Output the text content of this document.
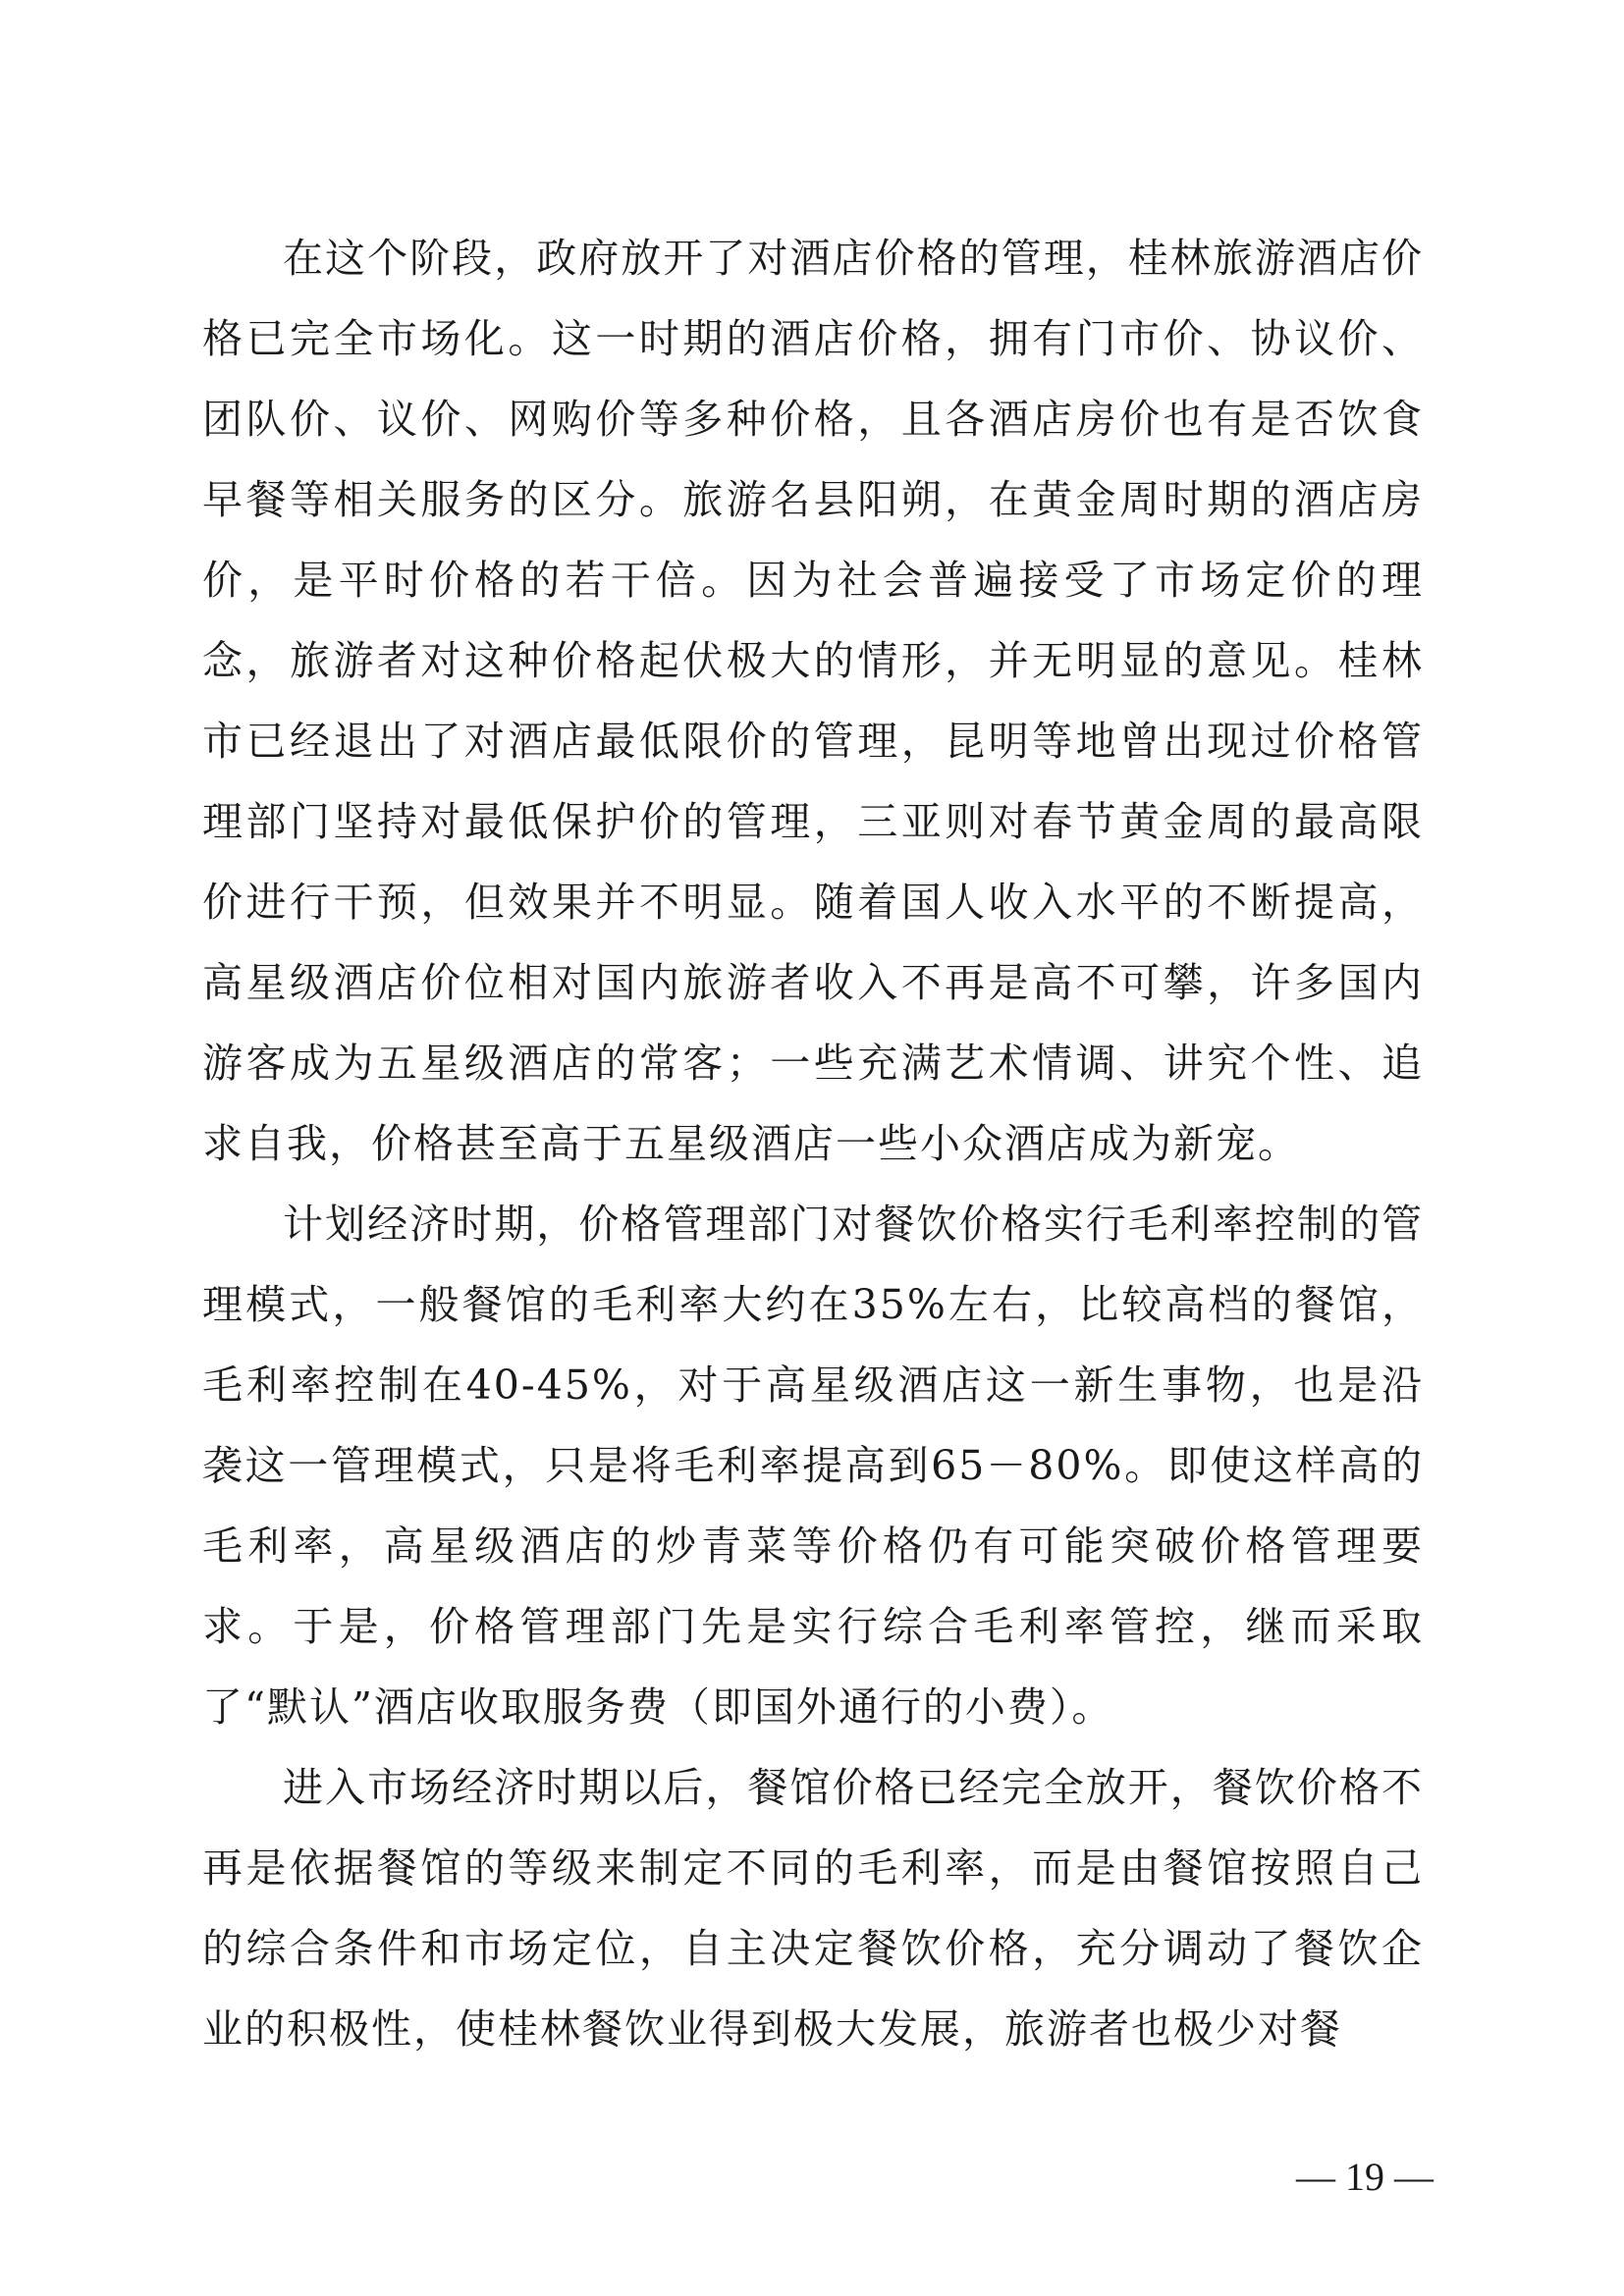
在这个阶段，政府放开了对酒店价格的管理，桂林旅游酒店价格已完全市场化。这一时期的酒店价格，拥有门市价、协议价、团队价、议价、网购价等多种价格，且各酒店房价也有是否饮食早餐等相关服务的区分。旅游名县阳朔，在黄金周时期的酒店房价，是平时价格的若干倍。因为社会普遍接受了市场定价的理念，旅游者对这种价格起伏极大的情形，并无明显的意见。桂林市已经退出了对酒店最低限价的管理，昆明等地曾出现过价格管理部门坚持对最低保护价的管理，三亚则对春节黄金周的最高限价进行干预，但效果并不明显。随着国人收入水平的不断提高，高星级酒店价位相对国内旅游者收入不再是高不可攀，许多国内游客成为五星级酒店的常客；一些充满艺术情调、讲究个性、追求自我，价格甚至高于五星级酒店一些小众酒店成为新宠。

计划经济时期，价格管理部门对餐饮价格实行毛利率控制的管理模式，一般餐馆的毛利率大约在35%左右，比较高档的餐馆，毛利率控制在40-45%，对于高星级酒店这一新生事物，也是沿袭这一管理模式，只是将毛利率提高到65－80%。即使这样高的毛利率，高星级酒店的炒青菜等价格仍有可能突破价格管理要求。于是，价格管理部门先是实行综合毛利率管控，继而采取了“默认”酒店收取服务费（即国外通行的小费）。

进入市场经济时期以后，餐馆价格已经完全放开，餐饮价格不再是依据餐馆的等级来制定不同的毛利率，而是由餐馆按照自己的综合条件和市场定位，自主决定餐饮价格，充分调动了餐饮企业的积极性，使桂林餐饮业得到极大发展，旅游者也极少对餐

— 19 —
